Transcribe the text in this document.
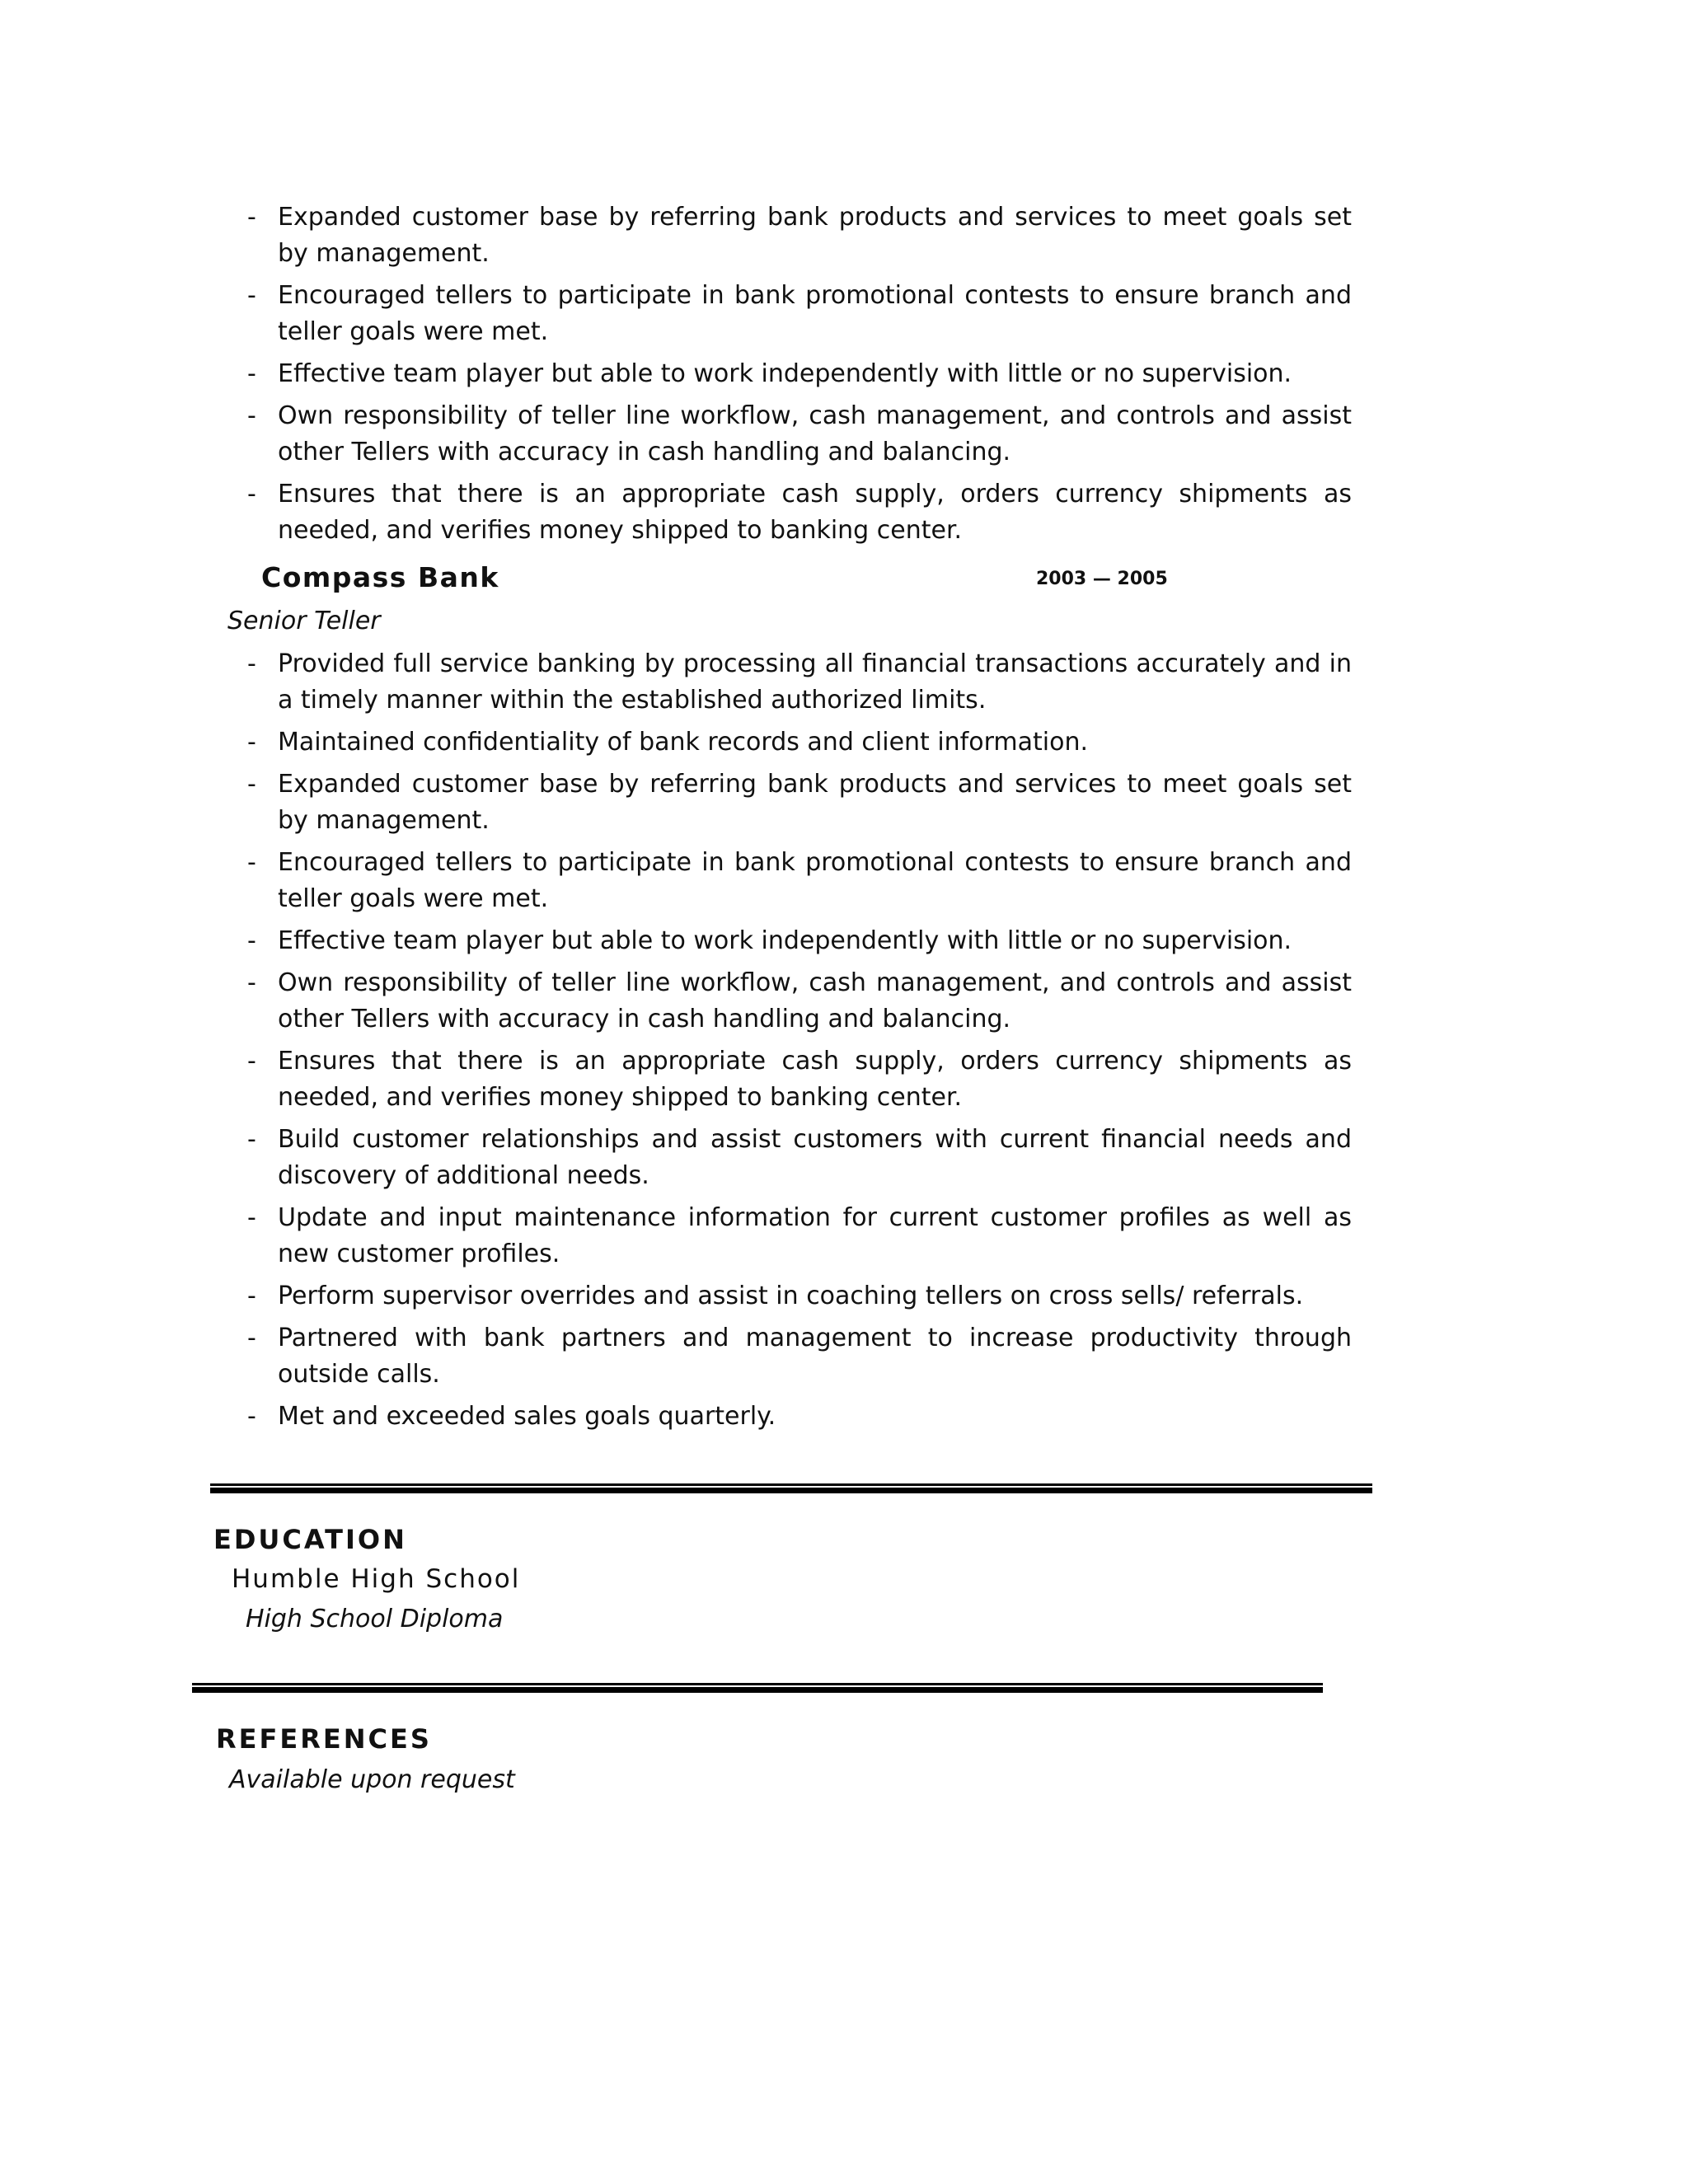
- Expanded customer base by referring bank products and services to meet goals set by management.
- Encouraged tellers to participate in bank promotional contests to ensure branch and teller goals were met.
- Effective team player but able to work independently with little or no supervision.
- Own responsibility of teller line workflow, cash management, and controls and assist other Tellers with accuracy in cash handling and balancing.
- Ensures that there is an appropriate cash supply, orders currency shipments as needed, and verifies money shipped to banking center.
Compass Bank	2003 — 2005
Senior Teller
- Provided full service banking by processing all financial transactions accurately and in a timely manner within the established authorized limits.
- Maintained confidentiality of bank records and client information.
- Expanded customer base by referring bank products and services to meet goals set by management.
- Encouraged tellers to participate in bank promotional contests to ensure branch and teller goals were met.
- Effective team player but able to work independently with little or no supervision.
- Own responsibility of teller line workflow, cash management, and controls and assist other Tellers with accuracy in cash handling and balancing.
- Ensures that there is an appropriate cash supply, orders currency shipments as needed, and verifies money shipped to banking center.
- Build customer relationships and assist customers with current financial needs and discovery of additional needs.
- Update and input maintenance information for current customer profiles as well as new customer profiles.
- Perform supervisor overrides and assist in coaching tellers on cross sells/ referrals.
- Partnered with bank partners and management to increase productivity through outside calls.
- Met and exceeded sales goals quarterly.
EDUCATION
Humble High School
High School Diploma
REFERENCES
Available upon request
